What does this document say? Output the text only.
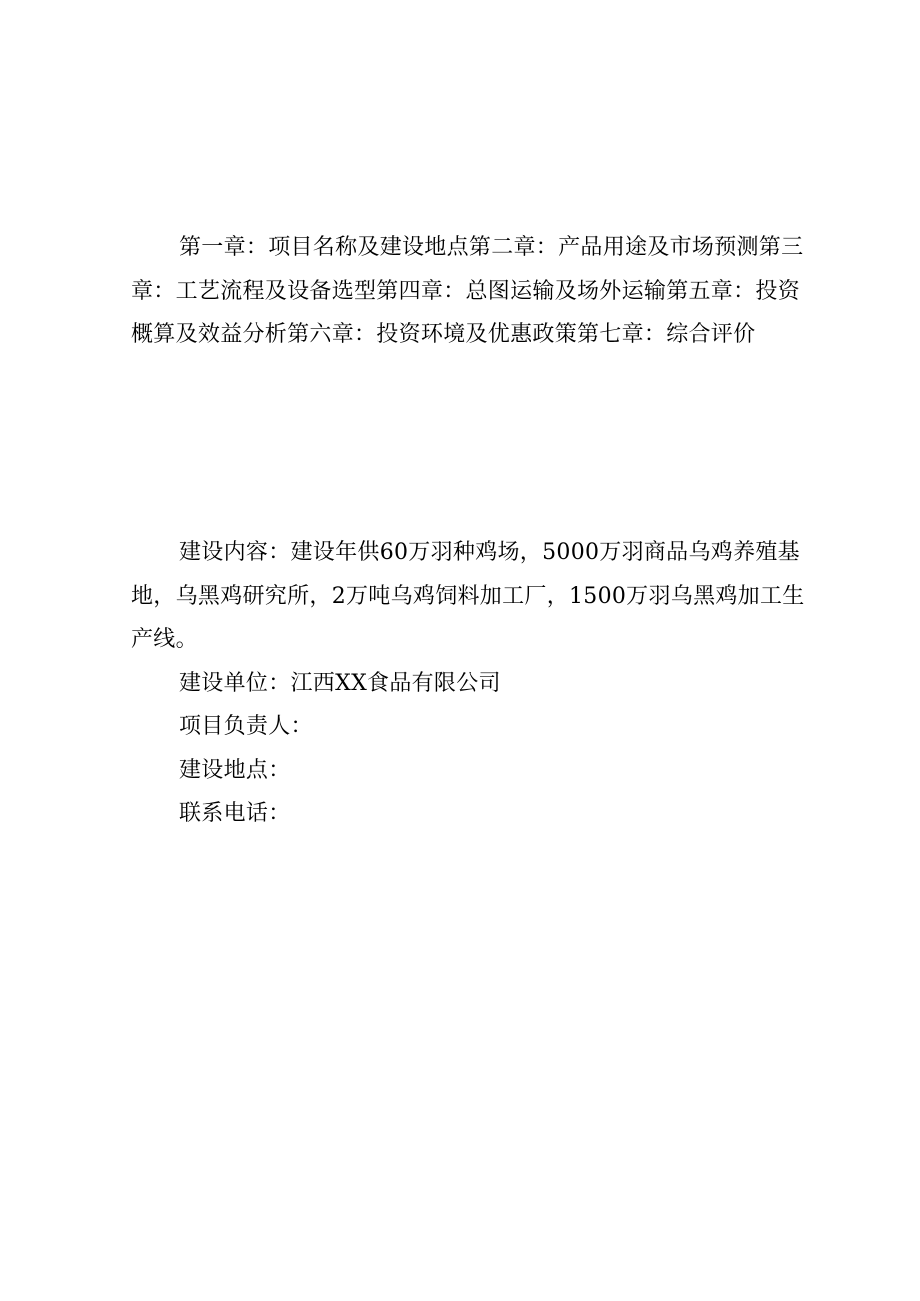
第一章：项目名称及建设地点第二章：产品用途及市场预测第三章：工艺流程及设备选型第四章：总图运输及场外运输第五章：投资概算及效益分析第六章：投资环境及优惠政策第七章：综合评价

建设内容：建设年供60万羽种鸡场，5000万羽商品乌鸡养殖基地，乌黑鸡研究所，2万吨乌鸡饲料加工厂，1500万羽乌黑鸡加工生产线。

建设单位：江西XX食品有限公司

项目负责人：

建设地点：

联系电话：
